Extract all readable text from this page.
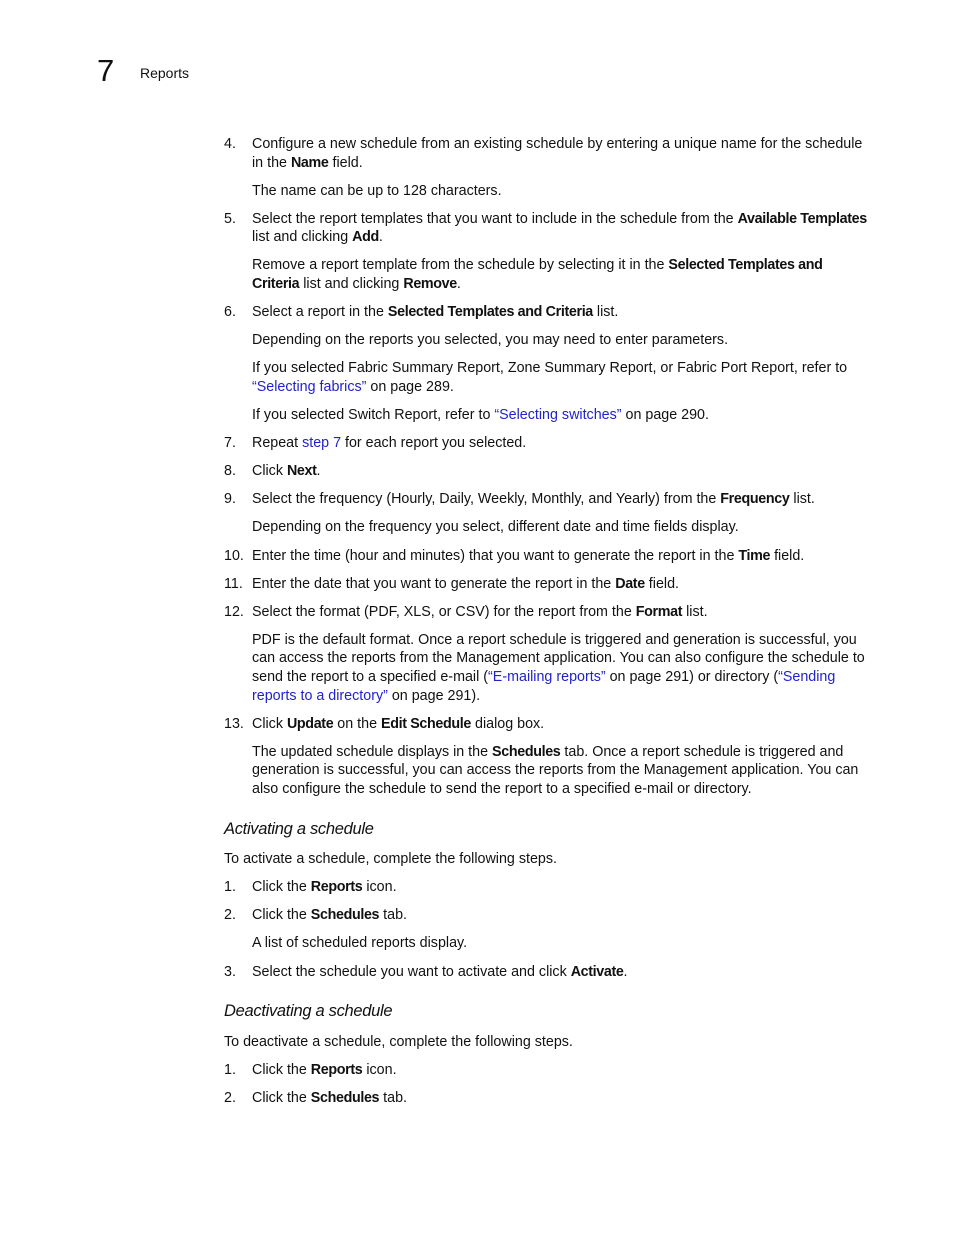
7 Reports
4. Configure a new schedule from an existing schedule by entering a unique name for the schedule in the Name field.
The name can be up to 128 characters.
5. Select the report templates that you want to include in the schedule from the Available Templates list and clicking Add.
Remove a report template from the schedule by selecting it in the Selected Templates and Criteria list and clicking Remove.
6. Select a report in the Selected Templates and Criteria list.
Depending on the reports you selected, you may need to enter parameters.
If you selected Fabric Summary Report, Zone Summary Report, or Fabric Port Report, refer to “Selecting fabrics” on page 289.
If you selected Switch Report, refer to “Selecting switches” on page 290.
7. Repeat step 7 for each report you selected.
8. Click Next.
9. Select the frequency (Hourly, Daily, Weekly, Monthly, and Yearly) from the Frequency list.
Depending on the frequency you select, different date and time fields display.
10. Enter the time (hour and minutes) that you want to generate the report in the Time field.
11. Enter the date that you want to generate the report in the Date field.
12. Select the format (PDF, XLS, or CSV) for the report from the Format list.
PDF is the default format. Once a report schedule is triggered and generation is successful, you can access the reports from the Management application. You can also configure the schedule to send the report to a specified e-mail (“E-mailing reports” on page 291) or directory (“Sending reports to a directory” on page 291).
13. Click Update on the Edit Schedule dialog box.
The updated schedule displays in the Schedules tab. Once a report schedule is triggered and generation is successful, you can access the reports from the Management application. You can also configure the schedule to send the report to a specified e-mail or directory.
Activating a schedule
To activate a schedule, complete the following steps.
1. Click the Reports icon.
2. Click the Schedules tab.
A list of scheduled reports display.
3. Select the schedule you want to activate and click Activate.
Deactivating a schedule
To deactivate a schedule, complete the following steps.
1. Click the Reports icon.
2. Click the Schedules tab.
